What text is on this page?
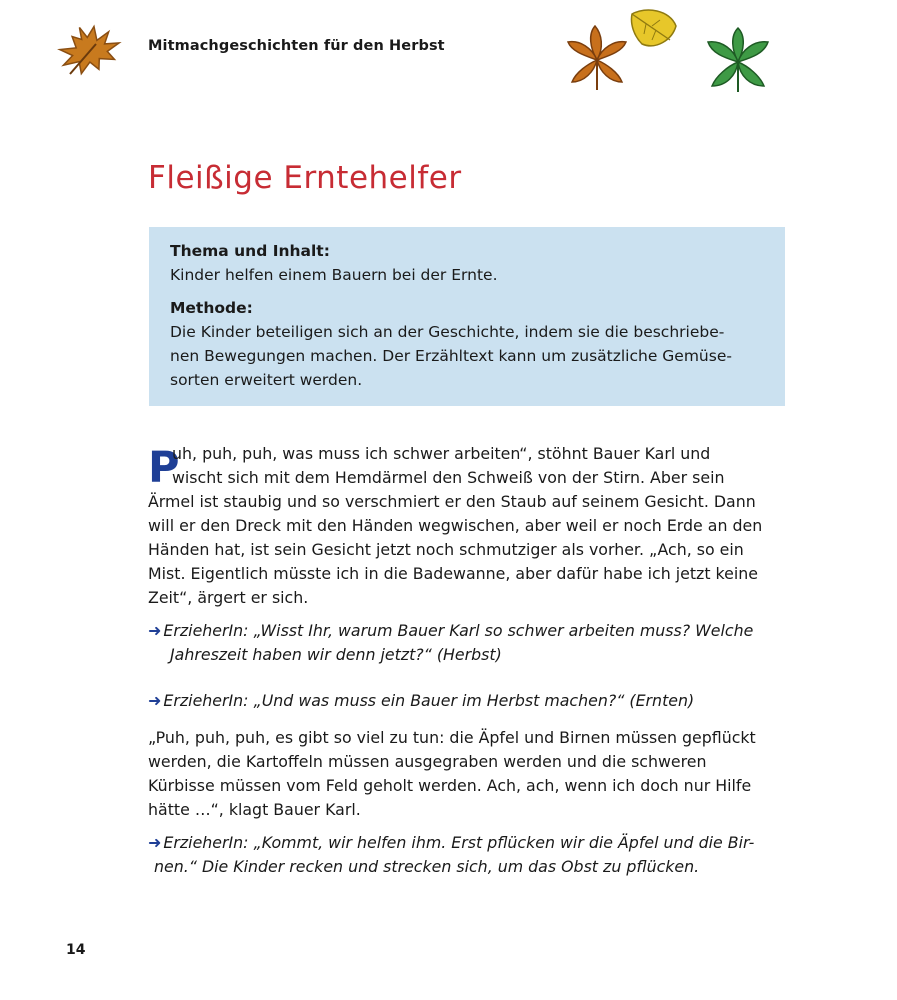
Mitmachgeschichten für den Herbst
Fleißige Erntehelfer
Thema und Inhalt:
Kinder helfen einem Bauern bei der Ernte.
Methode:
Die Kinder beteiligen sich an der Geschichte, indem sie die beschriebe-
nen Bewegungen machen. Der Erzähltext kann um zusätzliche Gemüse-
sorten erweitert werden.
P
uh, puh, puh, was muss ich schwer arbeiten“, stöhnt Bauer Karl und
wischt sich mit dem Hemdärmel den Schweiß von der Stirn. Aber sein
Ärmel ist staubig und so verschmiert er den Staub auf seinem Gesicht. Dann
will er den Dreck mit den Händen wegwischen, aber weil er noch Erde an den
Händen hat, ist sein Gesicht jetzt noch schmutziger als vorher. „Ach, so ein
Mist. Eigentlich müsste ich in die Badewanne, aber dafür habe ich jetzt keine
Zeit“, ärgert er sich.
➜ ErzieherIn: „Wisst Ihr, warum Bauer Karl so schwer arbeiten muss? Welche
Jahreszeit haben wir denn jetzt?“ (Herbst)
➜ ErzieherIn: „Und was muss ein Bauer im Herbst machen?“ (Ernten)
„Puh, puh, puh, es gibt so viel zu tun: die Äpfel und Birnen müssen gepflückt
werden, die Kartoffeln müssen ausgegraben werden und die schweren
Kürbisse müssen vom Feld geholt werden. Ach, ach, wenn ich doch nur Hilfe
hätte …“, klagt Bauer Karl.
➜ ErzieherIn: „Kommt, wir helfen ihm. Erst pflücken wir die Äpfel und die Bir-
nen.“ Die Kinder recken und strecken sich, um das Obst zu pflücken.
14
